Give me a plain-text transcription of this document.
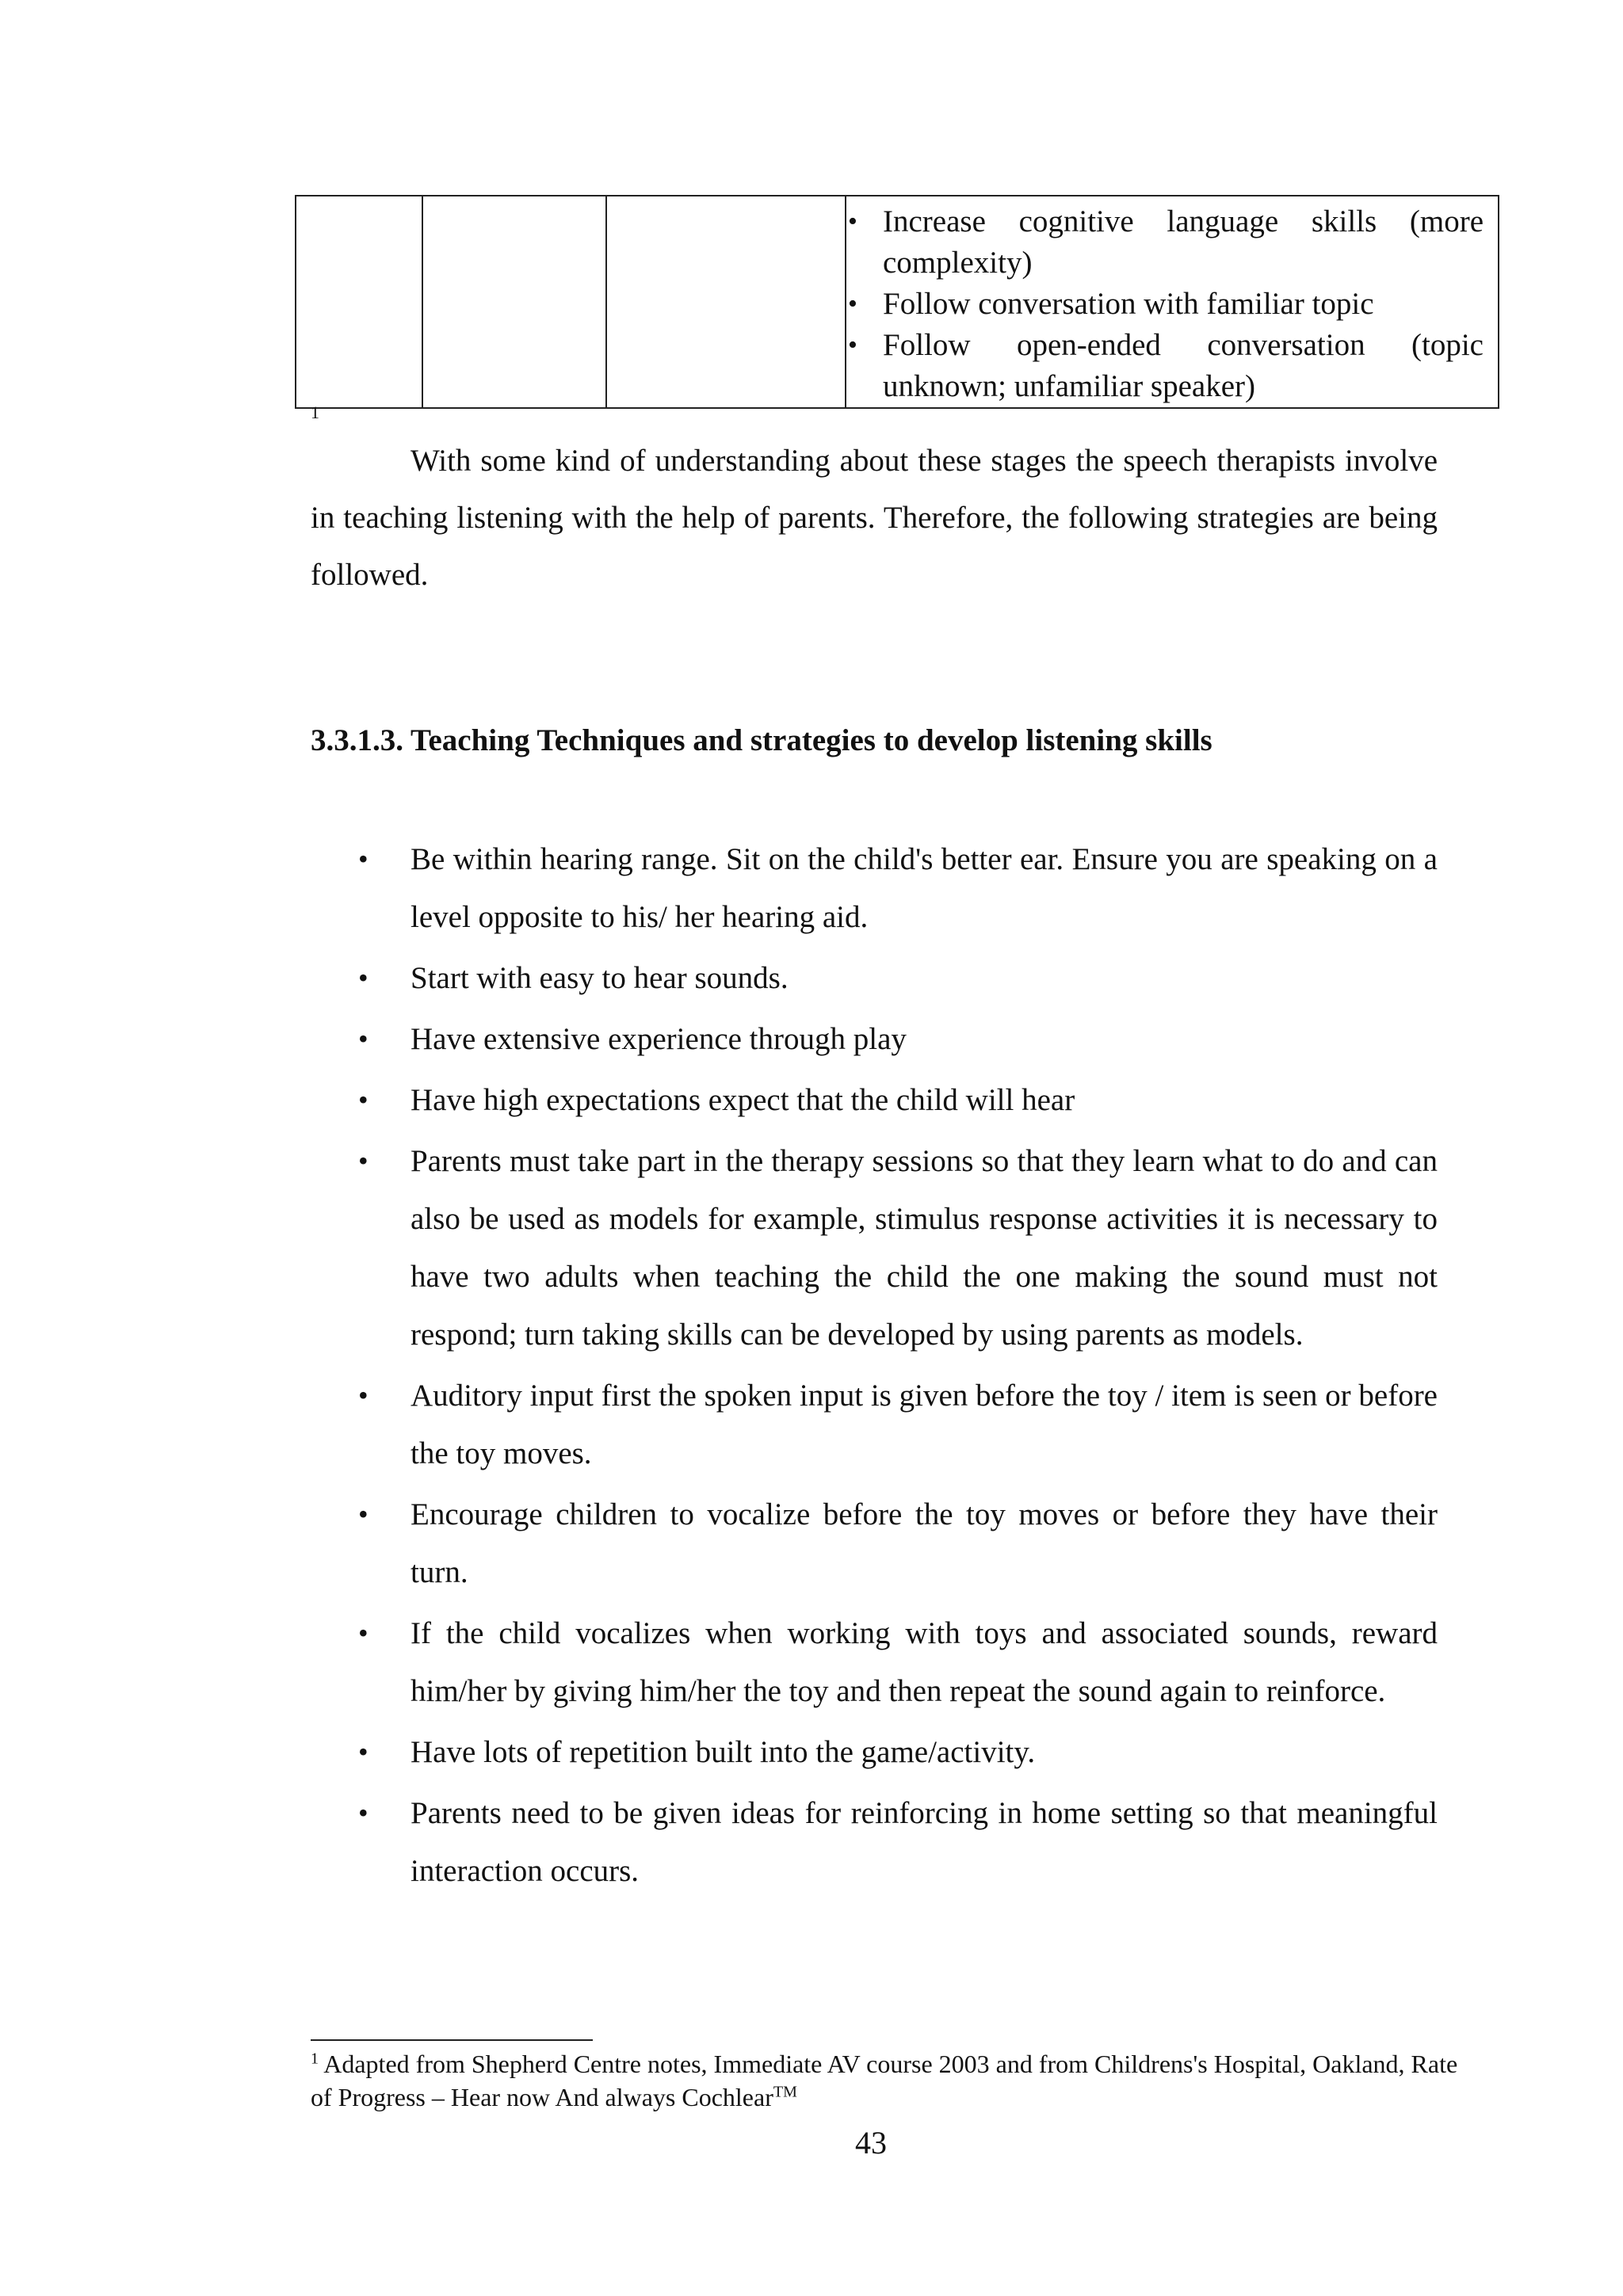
• Increase cognitive language skills (more complexity)
• Follow conversation with familiar topic
• Follow open-ended conversation (topic unknown; unfamiliar speaker)
1

With some kind of understanding about these stages the speech therapists involve in teaching listening with the help of parents. Therefore, the following strategies are being followed.

3.3.1.3. Teaching Techniques and strategies to develop listening skills
• Be within hearing range. Sit on the child's better ear. Ensure you are speaking on a level opposite to his/ her hearing aid.
• Start with easy to hear sounds.
• Have extensive experience through play
• Have high expectations expect that the child will hear
• Parents must take part in the therapy sessions so that they learn what to do and can also be used as models for example, stimulus response activities it is necessary to have two adults when teaching the child the one making the sound must not respond; turn taking skills can be developed by using parents as models.
• Auditory input first the spoken input is given before the toy / item is seen or before the toy moves.
• Encourage children to vocalize before the toy moves or before they have their turn.
• If the child vocalizes when working with toys and associated sounds, reward him/her by giving him/her the toy and then repeat the sound again to reinforce.
• Have lots of repetition built into the game/activity.
• Parents need to be given ideas for reinforcing in home setting so that meaningful interaction occurs.

$^1$ Adapted from Shepherd Centre notes, Immediate AV course 2003 and from Childrens's Hospital, Oakland, Rate of Progress – Hear now And always Cochlear™

43
